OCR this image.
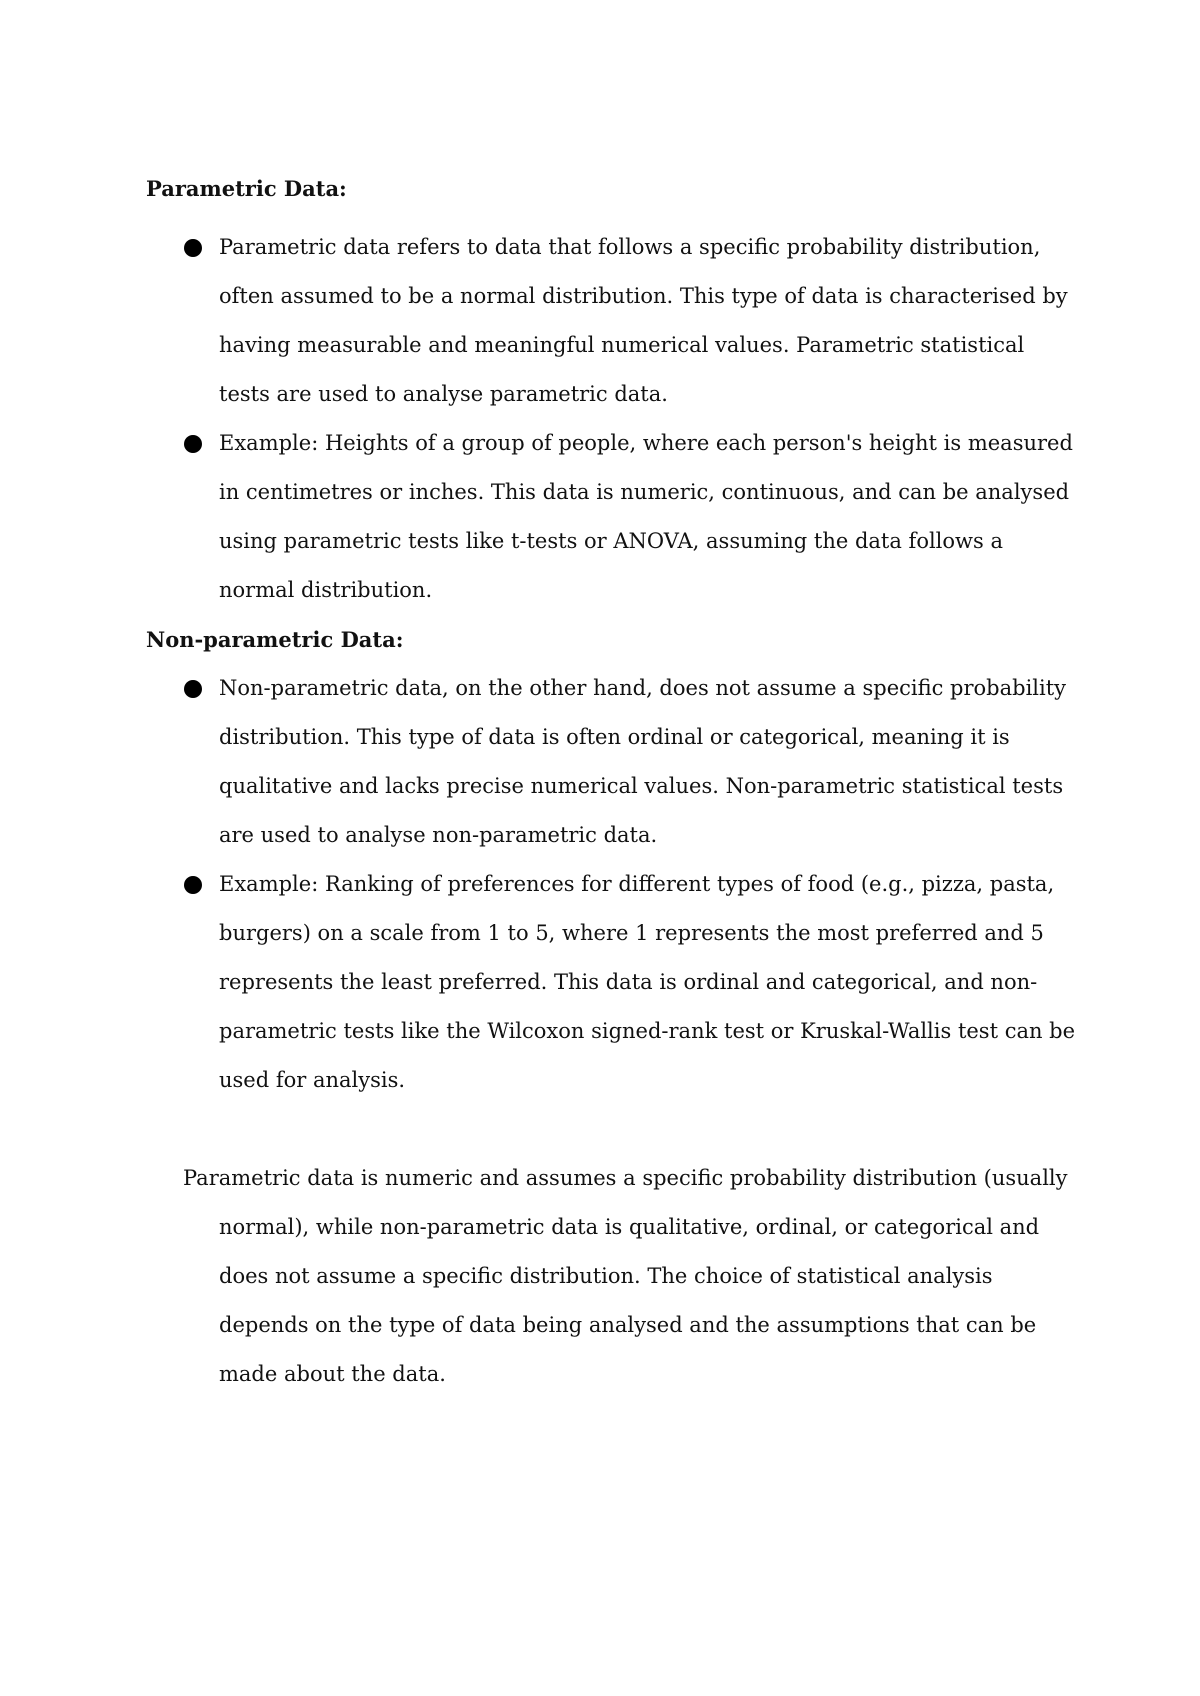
Parametric Data:

Parametric data refers to data that follows a specific probability distribution, often assumed to be a normal distribution. This type of data is characterised by having measurable and meaningful numerical values. Parametric statistical tests are used to analyse parametric data.
Example: Heights of a group of people, where each person's height is measured in centimetres or inches. This data is numeric, continuous, and can be analysed using parametric tests like t-tests or ANOVA, assuming the data follows a normal distribution.

Non-parametric Data:

Non-parametric data, on the other hand, does not assume a specific probability distribution. This type of data is often ordinal or categorical, meaning it is qualitative and lacks precise numerical values. Non-parametric statistical tests are used to analyse non-parametric data.
Example: Ranking of preferences for different types of food (e.g., pizza, pasta, burgers) on a scale from 1 to 5, where 1 represents the most preferred and 5 represents the least preferred. This data is ordinal and categorical, and non-parametric tests like the Wilcoxon signed-rank test or Kruskal-Wallis test can be used for analysis.

Parametric data is numeric and assumes a specific probability distribution (usually normal), while non-parametric data is qualitative, ordinal, or categorical and does not assume a specific distribution. The choice of statistical analysis depends on the type of data being analysed and the assumptions that can be made about the data.
